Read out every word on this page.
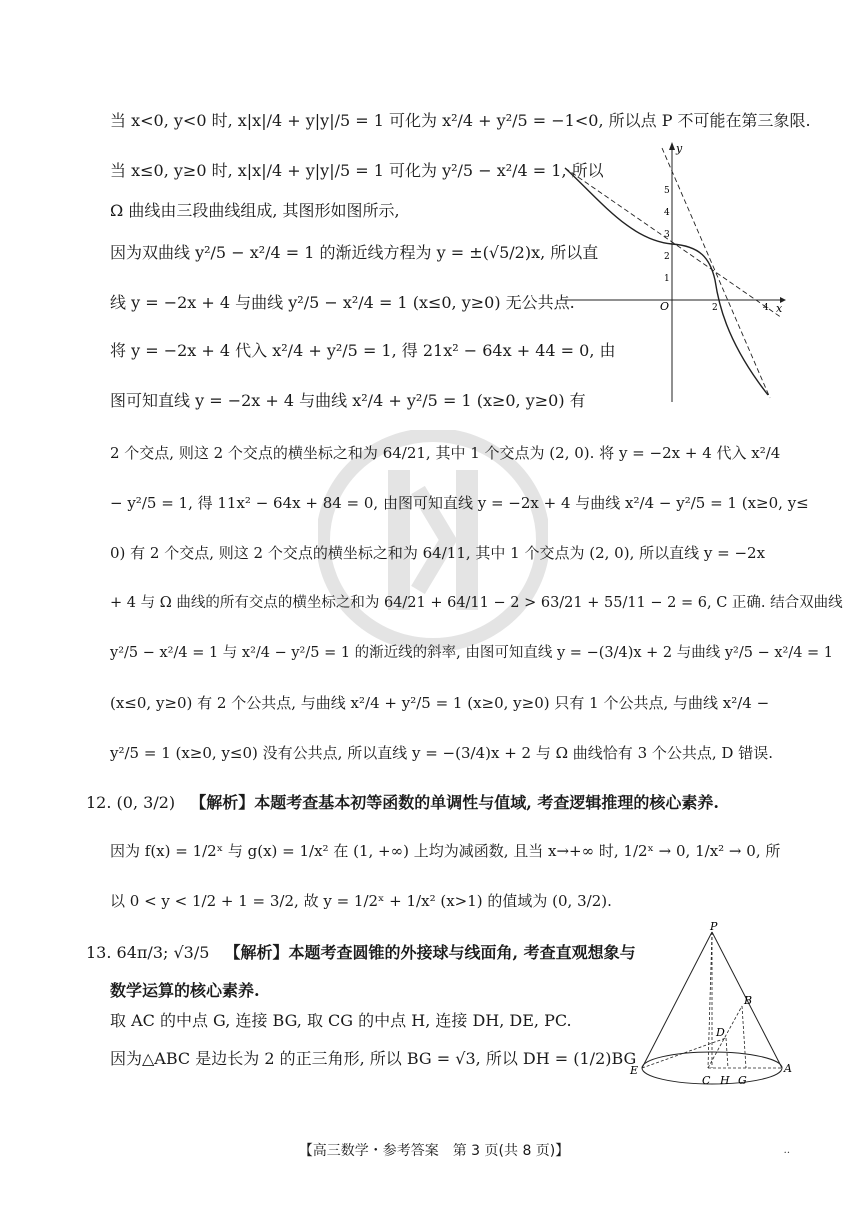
当 x<0, y<0 时, x|x|/4 + y|y|/5 = 1 可化为 x²/4 + y²/5 = −1<0, 所以点 P 不可能在第三象限.
当 x≤0, y≥0 时, x|x|/4 + y|y|/5 = 1 可化为 y²/5 − x²/4 = 1, 所以
Ω 曲线由三段曲线组成, 其图形如图所示,
因为双曲线 y²/5 − x²/4 = 1 的渐近线方程为 y = ±(√5/2)x, 所以直
线 y = −2x + 4 与曲线 y²/5 − x²/4 = 1 (x≤0, y≥0) 无公共点.
将 y = −2x + 4 代入 x²/4 + y²/5 = 1, 得 21x² − 64x + 44 = 0, 由
图可知直线 y = −2x + 4 与曲线 x²/4 + y²/5 = 1 (x≥0, y≥0) 有
2 个交点, 则这 2 个交点的横坐标之和为 64/21, 其中 1 个交点为 (2, 0). 将 y = −2x + 4 代入 x²/4
− y²/5 = 1, 得 11x² − 64x + 84 = 0, 由图可知直线 y = −2x + 4 与曲线 x²/4 − y²/5 = 1 (x≥0, y≤
0) 有 2 个交点, 则这 2 个交点的横坐标之和为 64/11, 其中 1 个交点为 (2, 0), 所以直线 y = −2x
+ 4 与 Ω 曲线的所有交点的横坐标之和为 64/21 + 64/11 − 2 > 63/21 + 55/11 − 2 = 6, C 正确. 结合双曲线
y²/5 − x²/4 = 1 与 x²/4 − y²/5 = 1 的渐近线的斜率, 由图可知直线 y = −(3/4)x + 2 与曲线 y²/5 − x²/4 = 1
(x≤0, y≥0) 有 2 个公共点, 与曲线 x²/4 + y²/5 = 1 (x≥0, y≥0) 只有 1 个公共点, 与曲线 x²/4 −
y²/5 = 1 (x≥0, y≤0) 没有公共点, 所以直线 y = −(3/4)x + 2 与 Ω 曲线恰有 3 个公共点, D 错误.
12. (0, 3/2) 【解析】本题考查基本初等函数的单调性与值域, 考查逻辑推理的核心素养.
因为 f(x) = 1/2ˣ 与 g(x) = 1/x² 在 (1, +∞) 上均为减函数, 且当 x→+∞ 时, 1/2ˣ → 0, 1/x² → 0, 所
以 0 < y < 1/2 + 1 = 3/2, 故 y = 1/2ˣ + 1/x² (x>1) 的值域为 (0, 3/2).
13. 64π/3; √3/5 【解析】本题考查圆锥的外接球与线面角, 考查直观想象与
数学运算的核心素养.
取 AC 的中点 G, 连接 BG, 取 CG 的中点 H, 连接 DH, DE, PC.
因为△ABC 是边长为 2 的正三角形, 所以 BG = √3, 所以 DH = (1/2)BG
x
y
O	2	4
1
2
3
4
5
P
B
D
E
C H G
A
【高三数学・参考答案　第 3 页(共 8 页)】	··
